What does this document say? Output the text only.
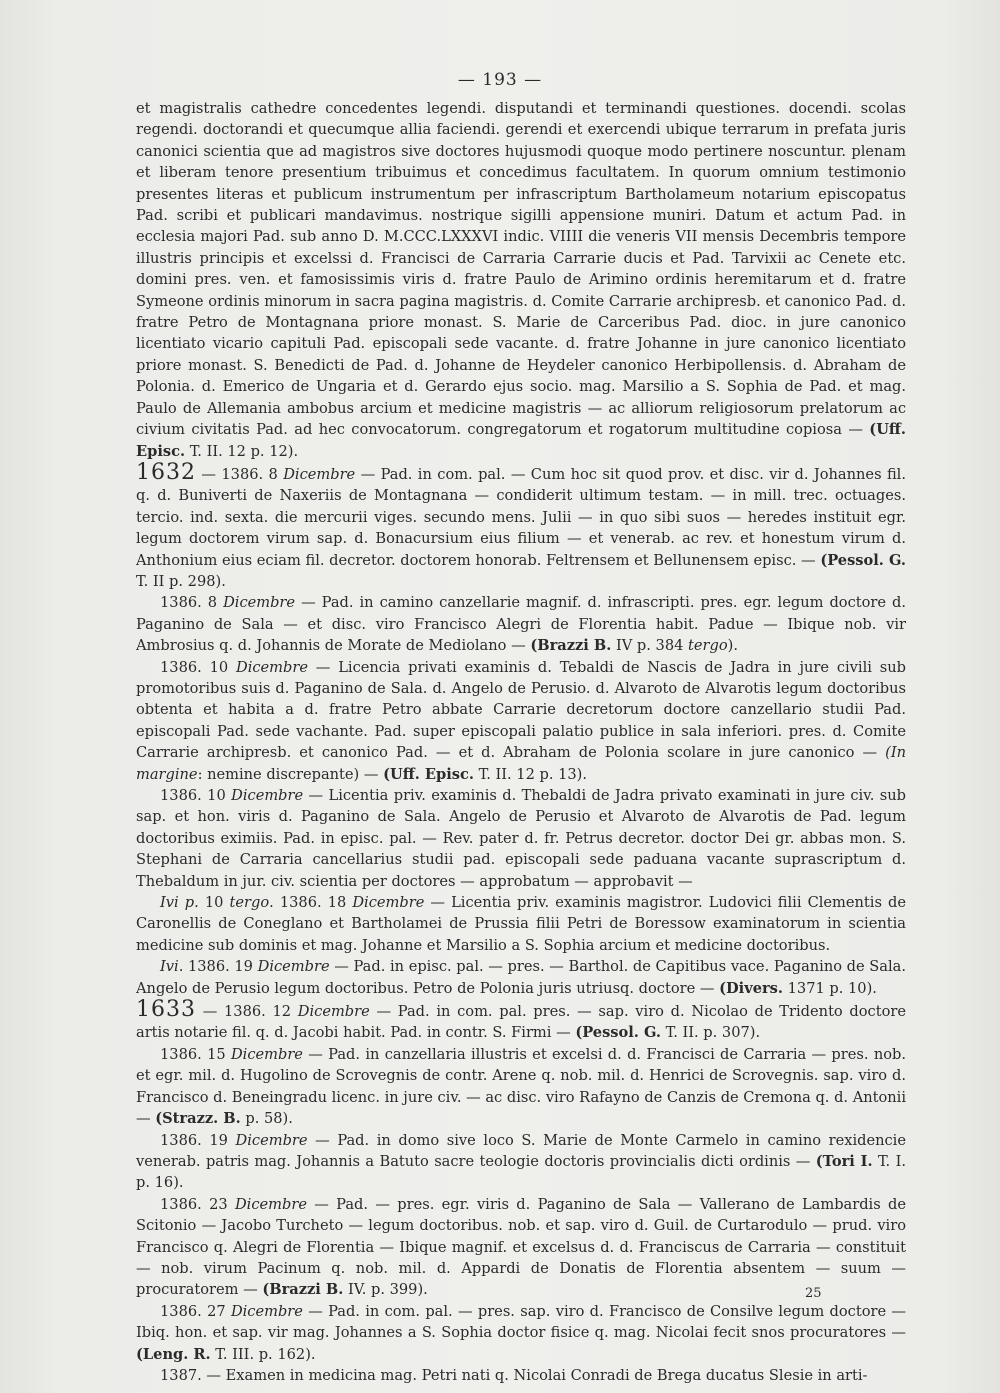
— 193 —

et magistralis cathedre concedentes legendi. disputandi et terminandi questiones. docendi. scolas regendi. doctorandi et quecumque allia faciendi. gerendi et exercendi ubique terrarum in prefata juris canonici scientia que ad magistros sive doctores hujusmodi quoque modo pertinere noscuntur. plenam et liberam tenore presentium tribuimus et concedimus facultatem. In quorum omnium testimonio presentes literas et publicum instrumentum per infrascriptum Bartholameum notarium episcopatus Pad. scribi et publicari mandavimus. nostrique sigilli appensione muniri. Datum et actum Pad. in ecclesia majori Pad. sub anno D. M.CCC.LXXXVI indic. VIIII die veneris VII mensis Decembris tempore illustris principis et excelssi d. Francisci de Carraria Carrarie ducis et Pad. Tarvixii ac Cenete etc. domini pres. ven. et famosissimis viris d. fratre Paulo de Arimino ordinis heremitarum et d. fratre Symeone ordinis minorum in sacra pagina magistris. d. Comite Carrarie archipresb. et canonico Pad. d. fratre Petro de Montagnana priore monast. S. Marie de Carceribus Pad. dioc. in jure canonico licentiato vicario capituli Pad. episcopali sede vacante. d. fratre Johanne in jure canonico licentiato priore monast. S. Benedicti de Pad. d. Johanne de Heydeler canonico Herbipollensis. d. Abraham de Polonia. d. Emerico de Ungaria et d. Gerardo ejus socio. mag. Marsilio a S. Sophia de Pad. et mag. Paulo de Allemania ambobus arcium et medicine magistris — ac alliorum religiosorum prelatorum ac civium civitatis Pad. ad hec convocatorum. congregatorum et rogatorum multitudine copiosa — (Uff. Episc. T. II. 12 p. 12).

1632 — 1386. 8 Dicembre — Pad. in com. pal. — Cum hoc sit quod prov. et disc. vir d. Johannes fil. q. d. Buniverti de Naxeriis de Montagnana — condiderit ultimum testam. — in mill. trec. octuages. tercio. ind. sexta. die mercurii viges. secundo mens. Julii — in quo sibi suos — heredes instituit egr. legum doctorem virum sap. d. Bonacursium eius filium — et venerab. ac rev. et honestum virum d. Anthonium eius eciam fil. decretor. doctorem honorab. Feltrensem et Bellunensem episc. — (Pessol. G. T. II p. 298).

1386. 8 Dicembre — Pad. in camino canzellarie magnif. d. infrascripti. pres. egr. legum doctore d. Paganino de Sala — et disc. viro Francisco Alegri de Florentia habit. Padue — Ibique nob. vir Ambrosius q. d. Johannis de Morate de Mediolano — (Brazzi B. IV p. 384 tergo).

1386. 10 Dicembre — Licencia privati examinis d. Tebaldi de Nascis de Jadra in jure civili sub promotoribus suis d. Paganino de Sala. d. Angelo de Perusio. d. Alvaroto de Alvarotis legum doctoribus obtenta et habita a d. fratre Petro abbate Carrarie decretorum doctore canzellario studii Pad. episcopali Pad. sede vachante. Pad. super episcopali palatio publice in sala inferiori. pres. d. Comite Carrarie archipresb. et canonico Pad. — et d. Abraham de Polonia scolare in jure canonico — (In margine: nemine discrepante) — (Uff. Episc. T. II. 12 p. 13).

1386. 10 Dicembre — Licentia priv. examinis d. Thebaldi de Jadra privato examinati in jure civ. sub sap. et hon. viris d. Paganino de Sala. Angelo de Perusio et Alvaroto de Alvarotis de Pad. legum doctoribus eximiis. Pad. in episc. pal. — Rev. pater d. fr. Petrus decretor. doctor Dei gr. abbas mon. S. Stephani de Carraria cancellarius studii pad. episcopali sede paduana vacante suprascriptum d. Thebaldum in jur. civ. scientia per doctores — approbatum — approbavit —

Ivi p. 10 tergo. 1386. 18 Dicembre — Licentia priv. examinis magistror. Ludovici filii Clementis de Caronellis de Coneglano et Bartholamei de Prussia filii Petri de Boressow examinatorum in scientia medicine sub dominis et mag. Johanne et Marsilio a S. Sophia arcium et medicine doctoribus.

Ivi. 1386. 19 Dicembre — Pad. in episc. pal. — pres. — Barthol. de Capitibus vace. Paganino de Sala. Angelo de Perusio legum doctoribus. Petro de Polonia juris utriusq. doctore — (Divers. 1371 p. 10).

1633 — 1386. 12 Dicembre — Pad. in com. pal. pres. — sap. viro d. Nicolao de Tridento doctore artis notarie fil. q. d. Jacobi habit. Pad. in contr. S. Firmi — (Pessol. G. T. II. p. 307).

1386. 15 Dicembre — Pad. in canzellaria illustris et excelsi d. d. Francisci de Carraria — pres. nob. et egr. mil. d. Hugolino de Scrovegnis de contr. Arene q. nob. mil. d. Henrici de Scrovegnis. sap. viro d. Francisco d. Beneingradu licenc. in jure civ. — ac disc. viro Rafayno de Canzis de Cremona q. d. Antonii — (Strazz. B. p. 58).

1386. 19 Dicembre — Pad. in domo sive loco S. Marie de Monte Carmelo in camino rexidencie venerab. patris mag. Johannis a Batuto sacre teologie doctoris provincialis dicti ordinis — (Tori I. T. I. p. 16).

1386. 23 Dicembre — Pad. — pres. egr. viris d. Paganino de Sala — Vallerano de Lambardis de Scitonio — Jacobo Turcheto — legum doctoribus. nob. et sap. viro d. Guil. de Curtarodulo — prud. viro Francisco q. Alegri de Florentia — Ibique magnif. et excelsus d. d. Franciscus de Carraria — constituit — nob. virum Pacinum q. nob. mil. d. Appardi de Donatis de Florentia absentem — suum — procuratorem — (Brazzi B. IV. p. 399).

1386. 27 Dicembre — Pad. in com. pal. — pres. sap. viro d. Francisco de Consilve legum doctore — Ibiq. hon. et sap. vir mag. Johannes a S. Sophia doctor fisice q. mag. Nicolai fecit snos procuratores — (Leng. R. T. III. p. 162).

1387. — Examen in medicina mag. Petri nati q. Nicolai Conradi de Brega ducatus Slesie in arti-

25
